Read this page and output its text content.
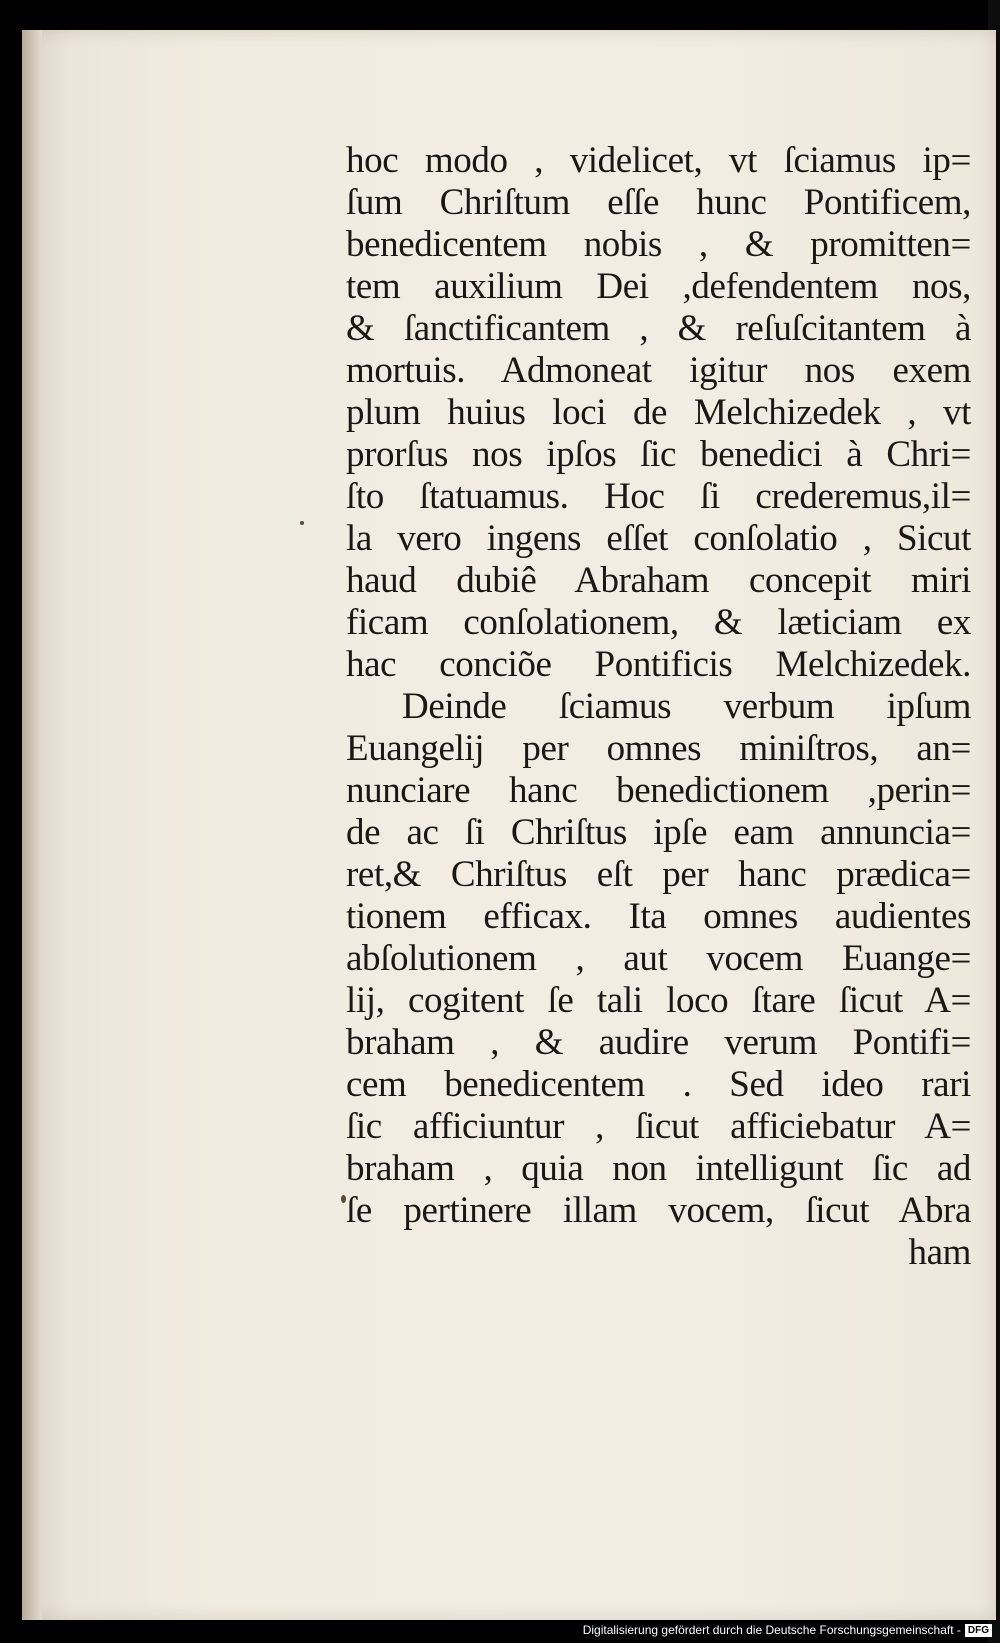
hoc modo , videlicet, vt ſciamus ip=
ſum Chriſtum eſſe hunc Pontificem,
benedicentem nobis , & promitten=
tem auxilium Dei ,defendentem nos,
& ſanctificantem , & reſuſcitantem à
mortuis. Admoneat igitur nos exem
plum huius loci de Melchizedek , vt
prorſus nos ipſos ſic benedici à Chri=
ſto ſtatuamus. Hoc ſi crederemus,il=
la vero ingens eſſet conſolatio , Sicut
haud dubiê Abraham concepit miri
ficam conſolationem, & læticiam ex
hac conciõe Pontificis Melchizedek.
Deinde ſciamus verbum ipſum
Euangelij per omnes miniſtros, an=
nunciare hanc benedictionem ,perin=
de ac ſi Chriſtus ipſe eam annuncia=
ret,& Chriſtus eſt per hanc prædica=
tionem efficax. Ita omnes audientes
abſolutionem , aut vocem Euange=
lij, cogitent ſe tali loco ſtare ſicut A=
braham , & audire verum Pontifi=
cem benedicentem . Sed ideo rari
ſic afficiuntur , ſicut afficiebatur A=
braham , quia non intelligunt ſic ad
ſe pertinere illam vocem, ſicut Abra
ham
Digitalisierung gefördert durch die Deutsche Forschungsgemeinschaft - DFG
